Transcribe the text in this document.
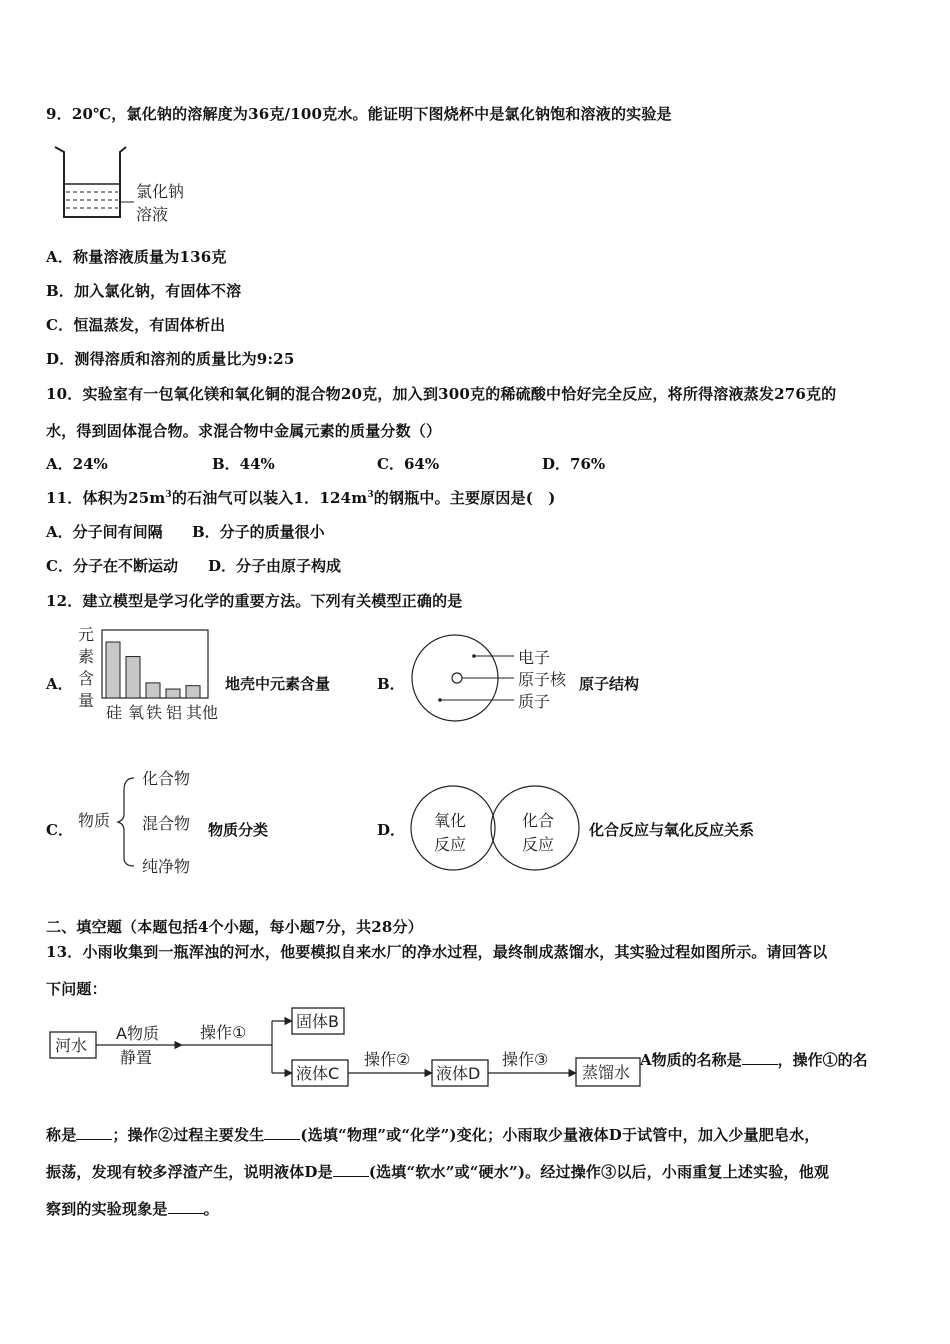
9．20℃，氯化钠的溶解度为36克/100克水。能证明下图烧杯中是氯化钠饱和溶液的实验是
氯化钠
溶液
A．称量溶液质量为136克
B．加入氯化钠，有固体不溶
C．恒温蒸发，有固体析出
D．测得溶质和溶剂的质量比为9:25
10．实验室有一包氧化镁和氧化铜的混合物20克，加入到300克的稀硫酸中恰好完全反应，将所得溶液蒸发276克的
水，得到固体混合物。求混合物中金属元素的质量分数（）
A．24%	B．44%	C．64%	D．76%
11．体积为$25m^3$的石油气可以装入1．$124m^3$的钢瓶中。主要原因是(　)
A．分子间有间隔 B．分子的质量很小
C．分子在不断运动 D．分子由原子构成
12．建立模型是学习化学的重要方法。下列有关模型正确的是
A．
元
素
含
量
硅 氧 铁 铝 其他
地壳中元素含量	B．
电子
原子核
质子
原子结构
C． 物质
化合物
混合物
纯净物
物质分类	D． 氧化
反应
化合
反应
化合反应与氧化反应关系
二、填空题（本题包括4个小题，每小题7分，共28分）
13．小雨收集到一瓶浑浊的河水，他要模拟自来水厂的净水过程，最终制成蒸馏水，其实验过程如图所示。请回答以
下问题：
河水
A物质
静置
操作①
固体B
液体C
操作②
液体D
操作③
蒸馏水
A物质的名称是 ，操作①的名
称是 ；操作②过程主要发生 (选填“物理”或“化学”)变化；小雨取少量液体D于试管中，加入少量肥皂水，
振荡，发现有较多浮渣产生，说明液体D是 (选填“软水”或“硬水”)。经过操作③以后，小雨重复上述实验，他观
察到的实验现象是 。
